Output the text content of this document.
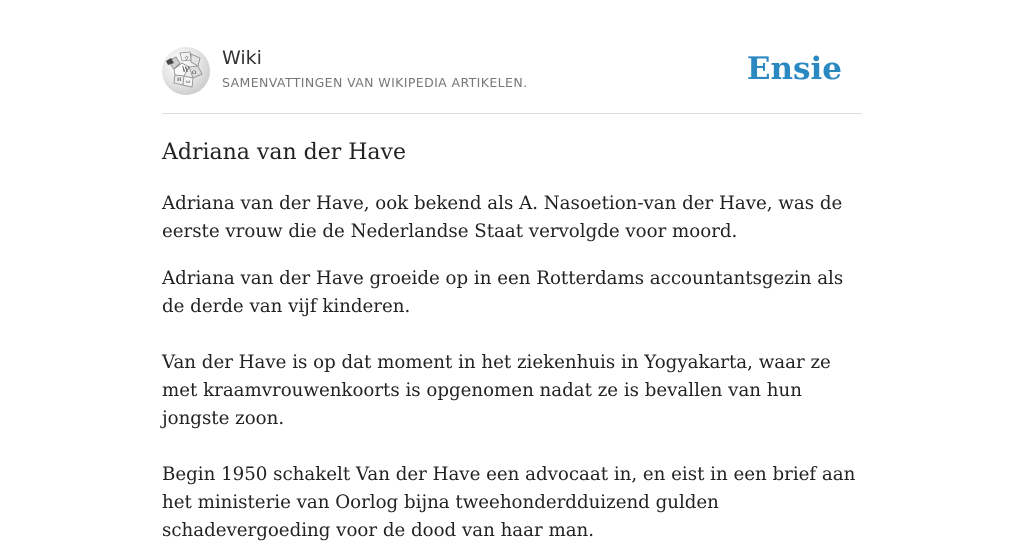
W Ω
И ω
ウ Wiki
SAMENVATTINGEN VAN WIKIPEDIA ARTIKELEN.	Ensie
Adriana van der Have

Adriana van der Have, ook bekend als A. Nasoetion-van der Have, was de eerste vrouw die de Nederlandse Staat vervolgde voor moord.

Adriana van der Have groeide op in een Rotterdams accountantsgezin als de derde van vijf kinderen.

Van der Have is op dat moment in het ziekenhuis in Yogyakarta, waar ze met kraamvrouwenkoorts is opgenomen nadat ze is bevallen van hun jongste zoon.

Begin 1950 schakelt Van der Have een advocaat in, en eist in een brief aan het ministerie van Oorlog bijna tweehonderdduizend gulden schadevergoeding voor de dood van haar man.
